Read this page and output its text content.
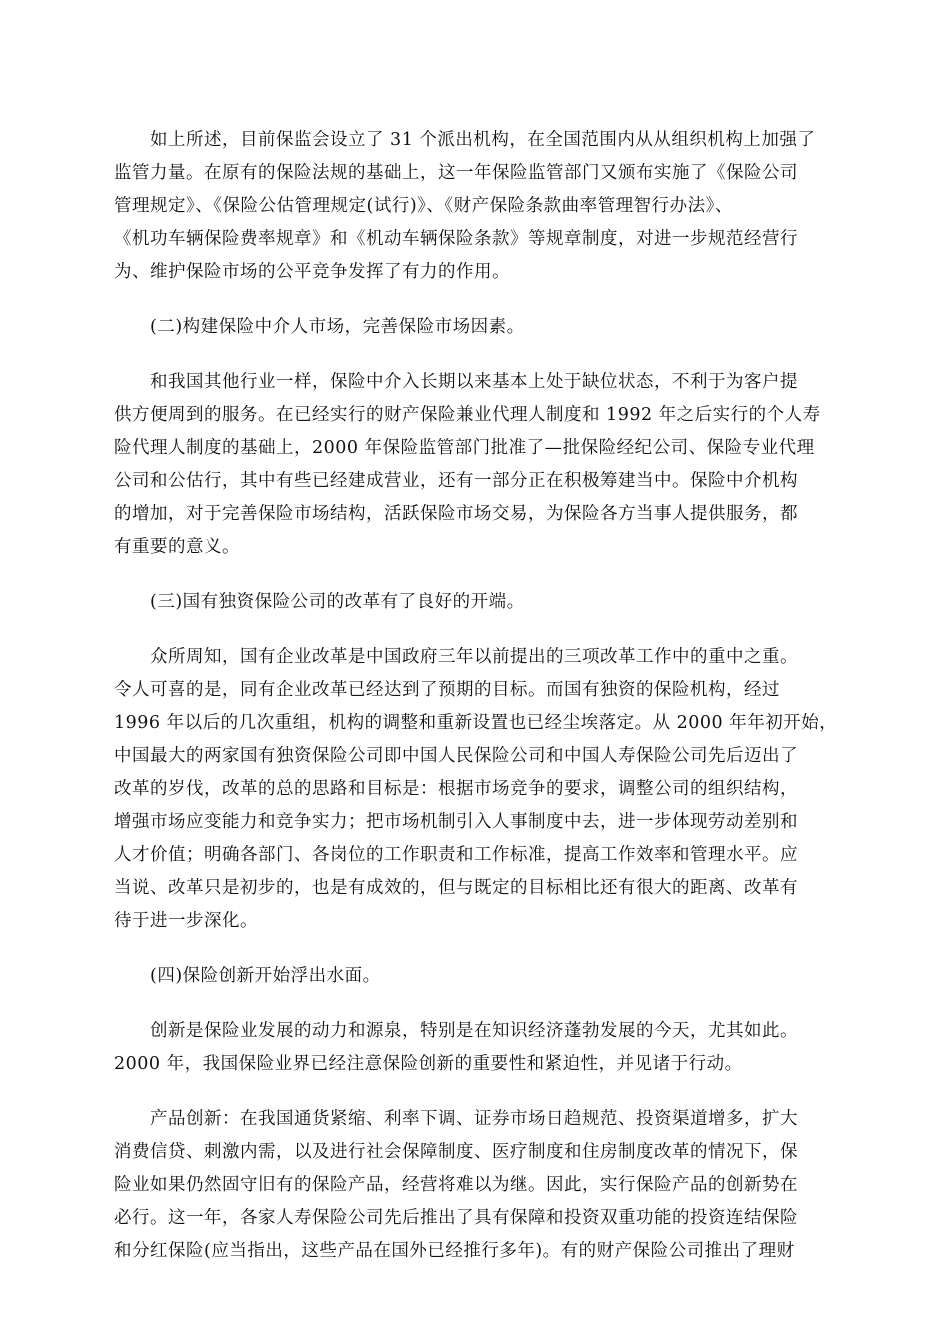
如上所述，目前保监会设立了 31 个派出机构，在全国范围内从从组织机构上加强了
监管力量。在原有的保险法规的基础上，这一年保险监管部门又颁布实施了《保险公司
管理规定》、《保险公估管理规定(试行)》、《财产保险条款曲率管理智行办法》、
《机功车辆保险费率规章》和《机动车辆保险条款》等规章制度，对进一步规范经营行
为、维护保险市场的公平竞争发挥了有力的作用。

(二)构建保险中介人市场，完善保险市场因素。

和我国其他行业一样，保险中介入长期以来基本上处于缺位状态，不利于为客户提
供方便周到的服务。在已经实行的财产保险兼业代理人制度和 1992 年之后实行的个人寿
险代理人制度的基础上，2000 年保险监管部门批准了—批保险经纪公司、保险专业代理
公司和公估行，其中有些已经建成营业，还有一部分正在积极筹建当中。保险中介机构
的增加，对于完善保险市场结构，活跃保险市场交易，为保险各方当事人提供服务，都
有重要的意义。

(三)国有独资保险公司的改革有了良好的开端。

众所周知，国有企业改革是中国政府三年以前提出的三项改革工作中的重中之重。
令人可喜的是，同有企业改革已经达到了预期的目标。而国有独资的保险机构，经过
1996 年以后的几次重组，机构的调整和重新设置也已经尘埃落定。从 2000 年年初开始，
中国最大的两家国有独资保险公司即中国人民保险公司和中国人寿保险公司先后迈出了
改革的岁伐，改革的总的思路和目标是：根据市场竞争的要求，调整公司的组织结构，
增强市场应变能力和竞争实力；把市场机制引入人事制度中去，进一步体现劳动差别和
人才价值；明确各部门、各岗位的工作职责和工作标准，提高工作效率和管理水平。应
当说、改革只是初步的，也是有成效的，但与既定的目标相比还有很大的距离、改革有
待于进一步深化。

(四)保险创新开始浮出水面。

创新是保险业发展的动力和源泉，特别是在知识经济蓬勃发展的今天，尤其如此。
2000 年，我国保险业界已经注意保险创新的重要性和紧迫性，并见诸于行动。

产品创新：在我国通货紧缩、利率下调、证券市场日趋规范、投资渠道增多，扩大
消费信贷、刺激内需，以及进行社会保障制度、医疗制度和住房制度改革的情况下，保
险业如果仍然固守旧有的保险产品，经营将难以为继。因此，实行保险产品的创新势在
必行。这一年，各家人寿保险公司先后推出了具有保障和投资双重功能的投资连结保险
和分红保险(应当指出，这些产品在国外已经推行多年)。有的财产保险公司推出了理财
